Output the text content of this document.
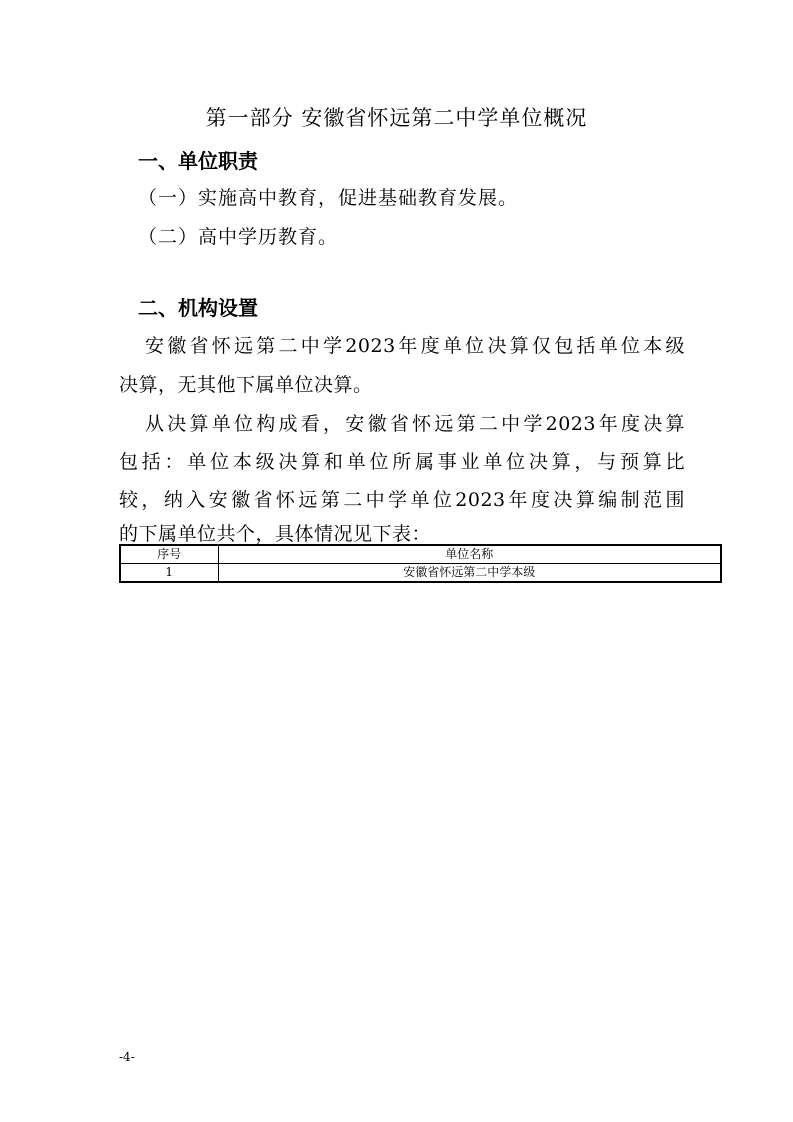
第一部分 安徽省怀远第二中学单位概况
一、单位职责
（一）实施高中教育，促进基础教育发展。
（二）高中学历教育。
二、机构设置
安徽省怀远第二中学2023年度单位决算仅包括单位本级
决算，无其他下属单位决算。
从决算单位构成看，安徽省怀远第二中学2023年度决算
包括：单位本级决算和单位所属事业单位决算，与预算比
较，纳入安徽省怀远第二中学单位2023年度决算编制范围
的下属单位共个，具体情况见下表：
序号	单位名称
1	安徽省怀远第二中学本级
-4-
